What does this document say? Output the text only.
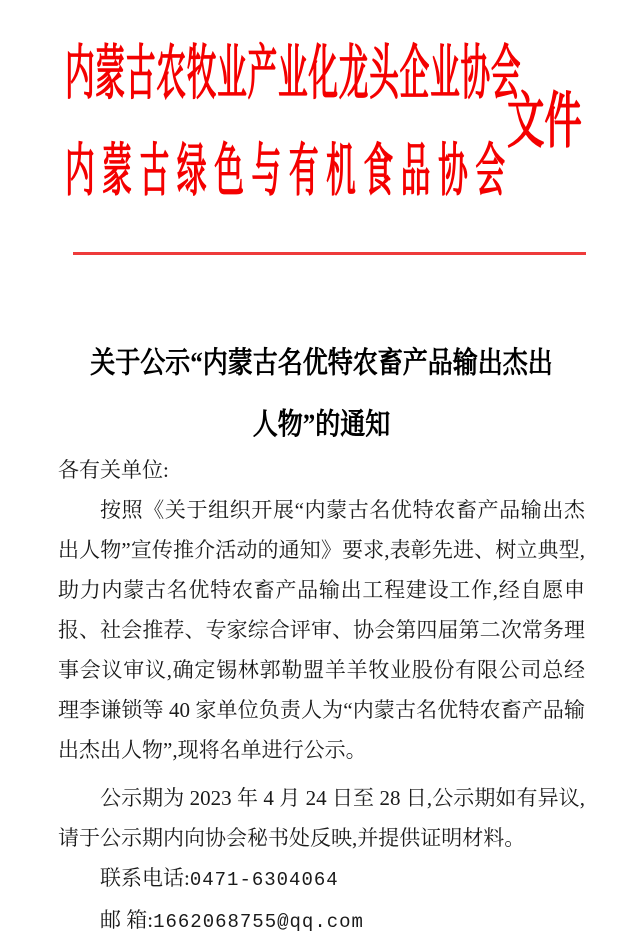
内蒙古农牧业产业化龙头企业协会
文件
内蒙古绿色与有机食品协会
关于公示“内蒙古名优特农畜产品输出杰出
人物”的通知

各有关单位:

按照《关于组织开展“内蒙古名优特农畜产品输出杰出人物”宣传推介活动的通知》要求,表彰先进、树立典型,助力内蒙古名优特农畜产品输出工程建设工作,经自愿申报、社会推荐、专家综合评审、协会第四届第二次常务理事会议审议,确定锡林郭勒盟羊羊牧业股份有限公司总经理李谦锁等 40 家单位负责人为“内蒙古名优特农畜产品输出杰出人物”,现将名单进行公示。

公示期为 2023 年 4 月 24 日至 28 日,公示期如有异议,请于公示期内向协会秘书处反映,并提供证明材料。

联系电话:0471-6304064

邮 箱:1662068755@qq.com
